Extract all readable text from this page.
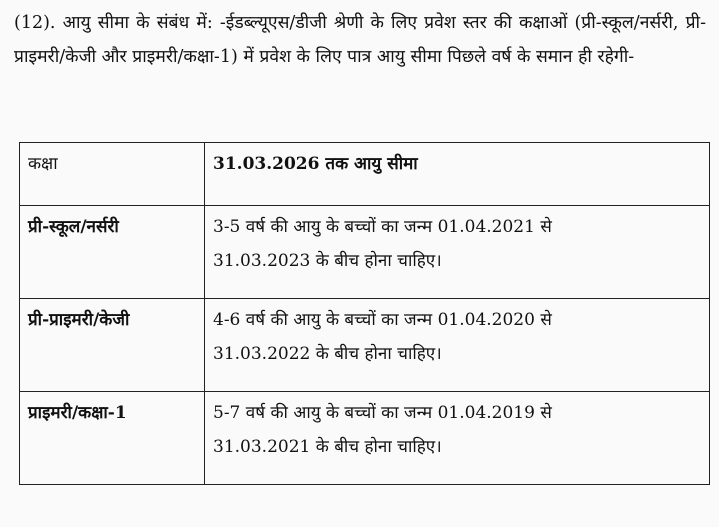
(12). आयु सीमा के संबंध में: -ईडब्ल्यूएस/डीजी श्रेणी के लिए प्रवेश स्तर की कक्षाओं (प्री-स्कूल/नर्सरी, प्री-प्राइमरी/केजी और प्राइमरी/कक्षा-1) में प्रवेश के लिए पात्र आयु सीमा पिछले वर्ष के समान ही रहेगी-

कक्षा	31.03.2026 तक आयु सीमा
प्री-स्कूल/नर्सरी	3-5 वर्ष की आयु के बच्चों का जन्म 01.04.2021 से
31.03.2023 के बीच होना चाहिए।

प्री-प्राइमरी/केजी	4-6 वर्ष की आयु के बच्चों का जन्म 01.04.2020 से
31.03.2022 के बीच होना चाहिए।

प्राइमरी/कक्षा-1	5-7 वर्ष की आयु के बच्चों का जन्म 01.04.2019 से
31.03.2021 के बीच होना चाहिए।
